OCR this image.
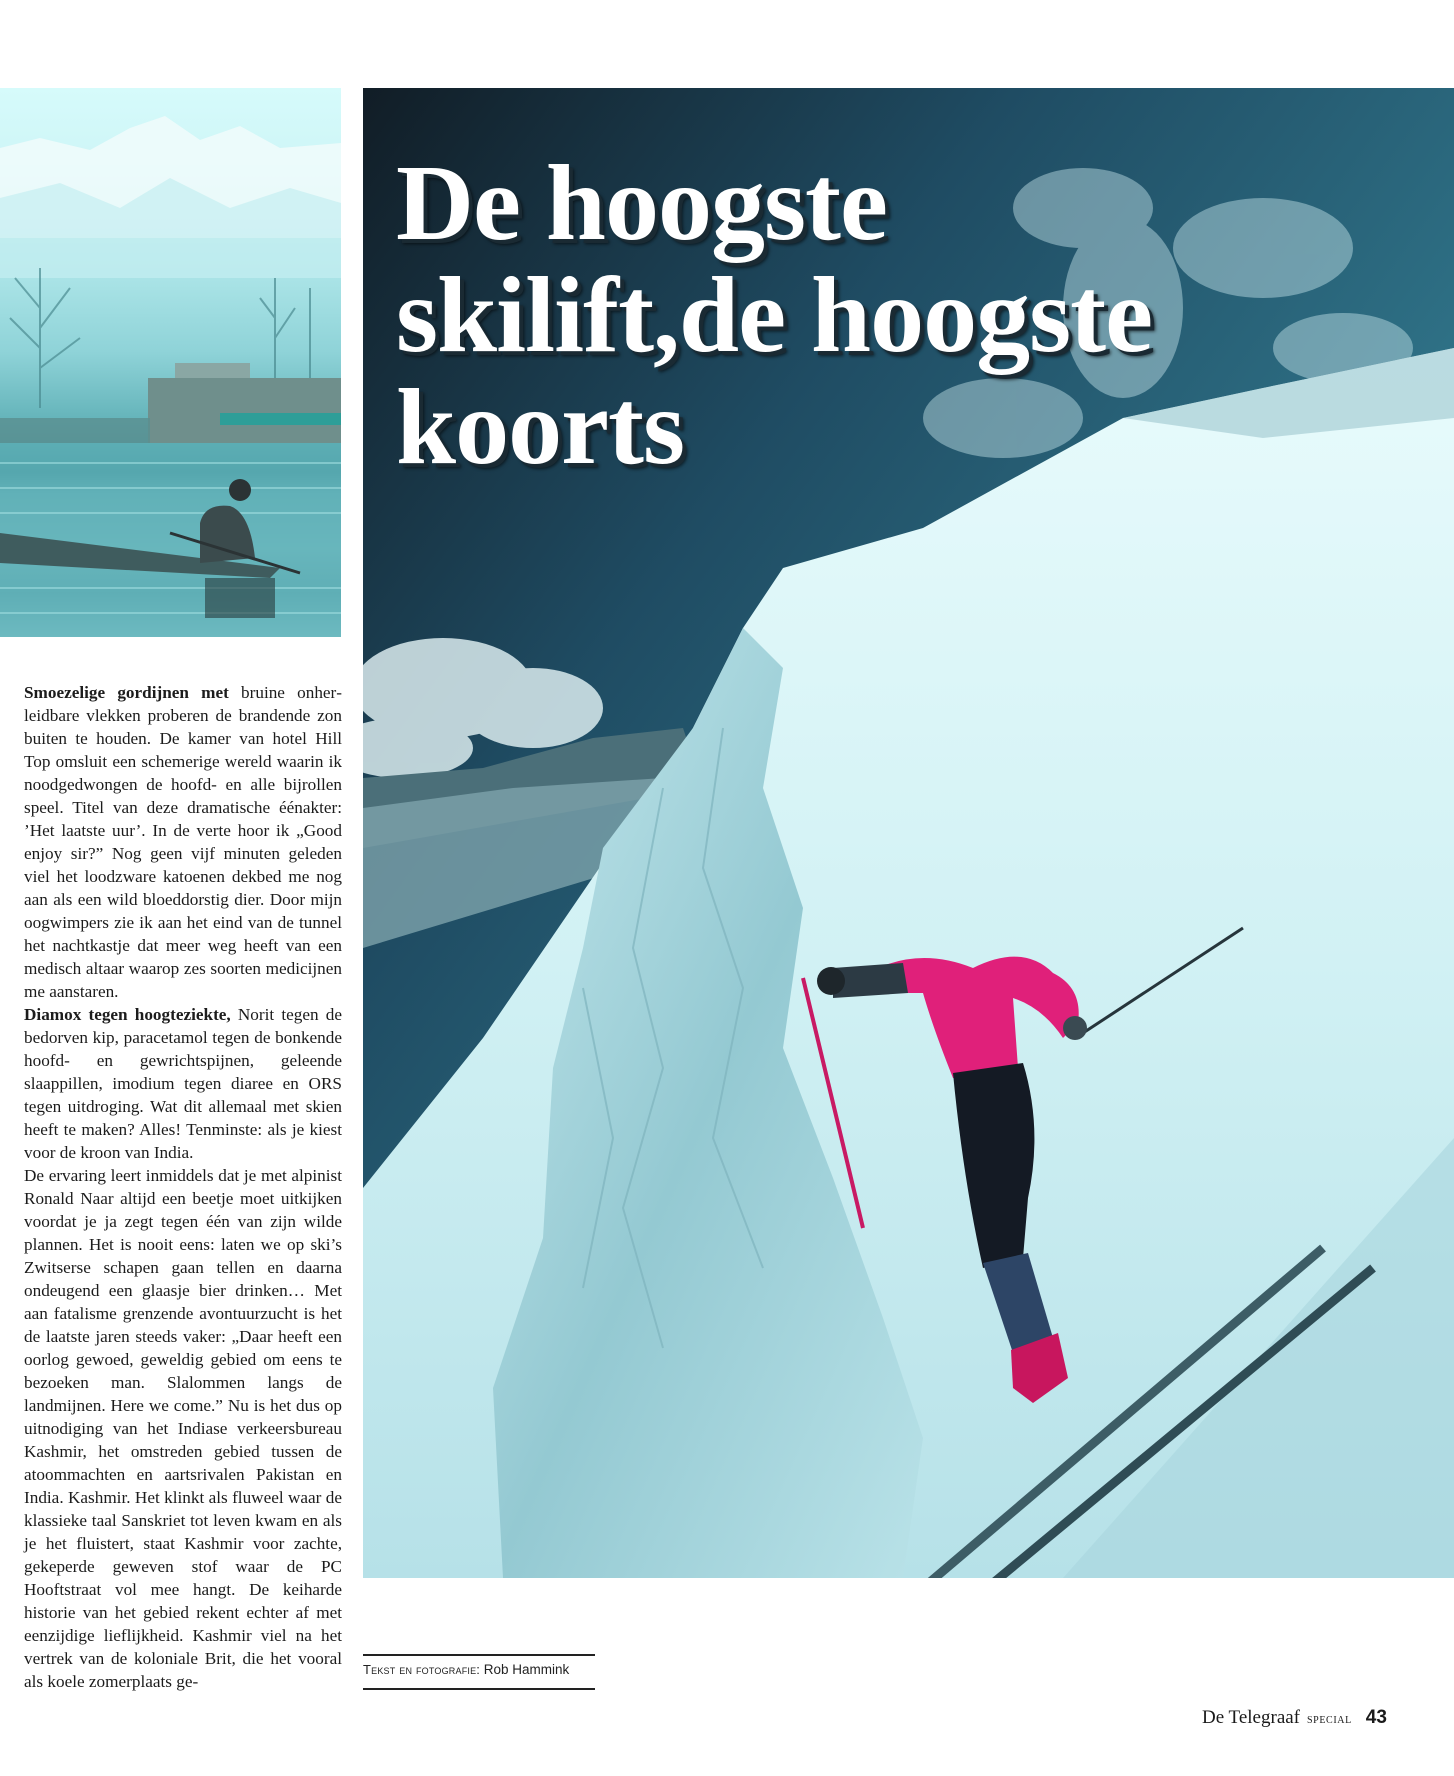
De hoogste
skilift,de hoogste
koorts

Smoezelige gordijnen met bruine onherleidbare vlekken proberen de brandende zon buiten te houden. De kamer van hotel Hill Top omsluit een schemerige wereld waarin ik noodgedwongen de hoofd- en alle bijrollen speel. Titel van deze dramatische éénakter: ’Het laatste uur’. In de verte hoor ik „Good enjoy sir?” Nog geen vijf minuten geleden viel het loodzware katoenen dekbed me nog aan als een wild bloeddorstig dier. Door mijn oogwimpers zie ik aan het eind van de tunnel het nachtkastje dat meer weg heeft van een medisch altaar waarop zes soorten medicijnen me aanstaren.

Diamox tegen hoogteziekte, Norit tegen de bedorven kip, paracetamol tegen de bonkende hoofd- en gewrichtspijnen, geleende slaappillen, imodium tegen diaree en ORS tegen uitdroging. Wat dit allemaal met skien heeft te maken? Alles! Tenminste: als je kiest voor de kroon van India.

De ervaring leert inmiddels dat je met alpinist Ronald Naar altijd een beetje moet uitkijken voordat je ja zegt tegen één van zijn wilde plannen. Het is nooit eens: laten we op ski’s Zwitserse schapen gaan tellen en daarna ondeugend een glaasje bier drinken… Met aan fatalisme grenzende avontuurzucht is het de laatste jaren steeds vaker: „Daar heeft een oorlog gewoed, geweldig gebied om eens te bezoeken man. Slalommen langs de landmijnen. Here we come.” Nu is het dus op uitnodiging van het Indiase verkeersbureau Kashmir, het omstreden gebied tussen de atoommachten en aartsrivalen Pakistan en India. Kashmir. Het klinkt als fluweel waar de klassieke taal Sanskriet tot leven kwam en als je het fluistert, staat Kashmir voor zachte, gekeperde geweven stof waar de PC Hooftstraat vol mee hangt. De keiharde historie van het gebied rekent echter af met eenzijdige lieflijkheid. Kashmir viel na het vertrek van de koloniale Brit, die het vooral als koele zomerplaats ge-

Tekst en fotografie: Rob Hammink
De Telegraaf special 43
